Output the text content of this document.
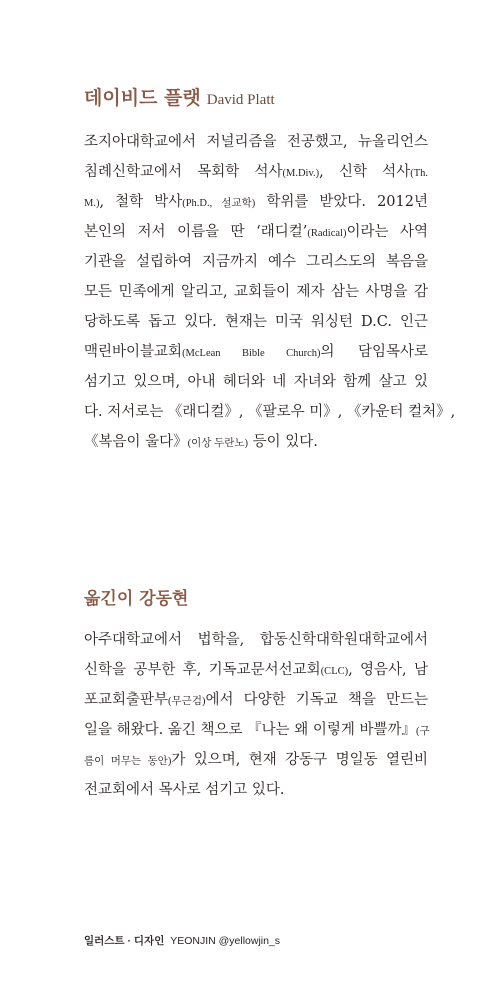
데이비드 플랫 David Platt
조지아대학교에서 저널리즘을 전공했고, 뉴올리언스
침례신학교에서 목회학 석사(M.Div.), 신학 석사(Th.
M.), 철학 박사(Ph.D., 설교학) 학위를 받았다. 2012년
본인의 저서 이름을 딴 ‘래디컬’(Radical)이라는 사역
기관을 설립하여 지금까지 예수 그리스도의 복음을
모든 민족에게 알리고, 교회들이 제자 삼는 사명을 감
당하도록 돕고 있다. 현재는 미국 워싱턴 D.C. 인근
맥린바이블교회(McLean Bible Church)의 담임목사로
섬기고 있으며, 아내 헤더와 네 자녀와 함께 살고 있
다. 저서로는 《래디컬》, 《팔로우 미》, 《카운터 컬처》,
《복음이 울다》(이상 두란노) 등이 있다.
옮긴이 강동현
아주대학교에서 법학을, 합동신학대학원대학교에서
신학을 공부한 후, 기독교문서선교회(CLC), 영음사, 남
포교회출판부(무근검)에서 다양한 기독교 책을 만드는
일을 해왔다. 옮긴 책으로 『나는 왜 이렇게 바쁠까』(구
름이 머무는 동안)가 있으며, 현재 강동구 명일동 열린비
전교회에서 목사로 섬기고 있다.
일러스트 · 디자인 YEONJIN @yellowjin_s
